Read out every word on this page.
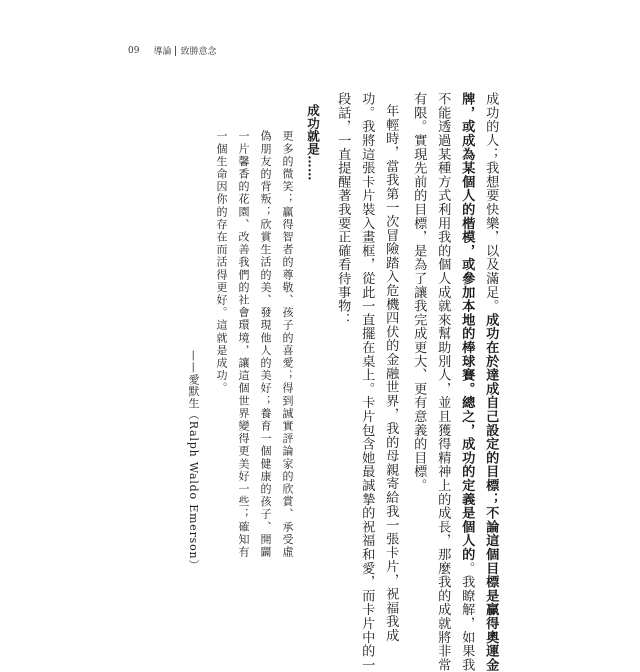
09 導論 致勝意念
成功的人；我想要快樂，以及滿足。成功在於達成自己設定的目標；不論這個目標是贏得奧運金
牌，或成為某個人的楷模，或參加本地的棒球賽。總之，成功的定義是個人的。我瞭解，如果我
不能透過某種方式利用我的個人成就來幫助別人，並且獲得精神上的成長，那麼我的成就將非常
有限。實現先前的目標，是為了讓我完成更大、更有意義的目標。
年輕時，當我第一次冒險踏入危機四伏的金融世界，我的母親寄給我一張卡片，祝福我成
功。我將這張卡片裝入畫框，從此一直擺在桌上。卡片包含她最誠摯的祝福和愛，而卡片中的一
段話，一直提醒著我要正確看待事物：
成功就是……
更多的微笑；贏得智者的尊敬、孩子的喜愛；得到誠實評論家的欣賞、承受虛
偽朋友的背叛；欣賞生活的美、發現他人的美好；養育一個健康的孩子、開闢
一片馨香的花園、改善我們的社會環境，讓這個世界變得更美好一些；確知有
一個生命因你的存在而活得更好。這就是成功。
——愛默生（Ralph Waldo Emerson）
